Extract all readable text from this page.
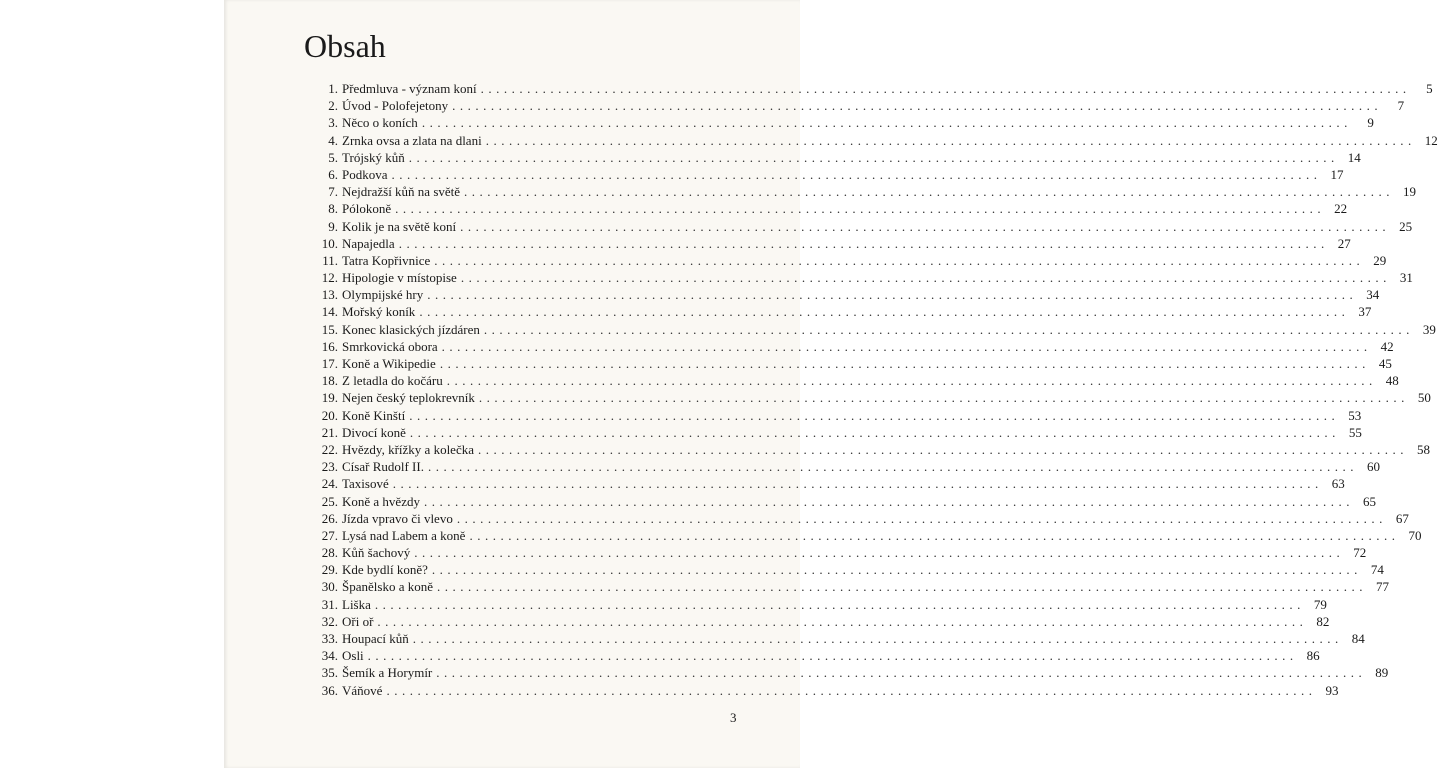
Obsah
1. Předmluva - význam koní ........................................................................................................................	5
2. Úvod - Polofejetony ........................................................................................................................	7
3. Něco o koních ........................................................................................................................	9
4. Zrnka ovsa a zlata na dlani ........................................................................................................................ 12
5. Trójský kůň ........................................................................................................................ 14
6. Podkova ........................................................................................................................ 17
7. Nejdražší kůň na světě ........................................................................................................................ 19
8. Pólokoně ........................................................................................................................ 22
9. Kolik je na světě koní ........................................................................................................................ 25
10. Napajedla ........................................................................................................................ 27
11. Tatra Kopřivnice ........................................................................................................................ 29
12. Hipologie v místopise ........................................................................................................................ 31
13. Olympijské hry ........................................................................................................................ 34
14. Mořský koník ........................................................................................................................ 37
15. Konec klasických jízdáren ........................................................................................................................ 39
16. Smrkovická obora ........................................................................................................................ 42
17. Koně a Wikipedie ........................................................................................................................ 45
18. Z letadla do kočáru ........................................................................................................................ 48
19. Nejen český teplokrevník ........................................................................................................................ 50
20. Koně Kinští ........................................................................................................................ 53
21. Divocí koně ........................................................................................................................ 55
22. Hvězdy, křížky a kolečka ........................................................................................................................ 58
23. Císař Rudolf II. ........................................................................................................................ 60
24. Taxisové ........................................................................................................................ 63
25. Koně a hvězdy ........................................................................................................................ 65
26. Jízda vpravo či vlevo ........................................................................................................................ 67
27. Lysá nad Labem a koně ........................................................................................................................ 70
28. Kůň šachový ........................................................................................................................ 72
29. Kde bydlí koně? ........................................................................................................................ 74
30. Španělsko a koně ........................................................................................................................ 77
31. Liška ........................................................................................................................ 79
32. Oři oř ........................................................................................................................ 82
33. Houpací kůň ........................................................................................................................ 84
34. Osli ........................................................................................................................ 86
35. Šemík a Horymír ........................................................................................................................ 89
36. Váňové ........................................................................................................................ 93
3
